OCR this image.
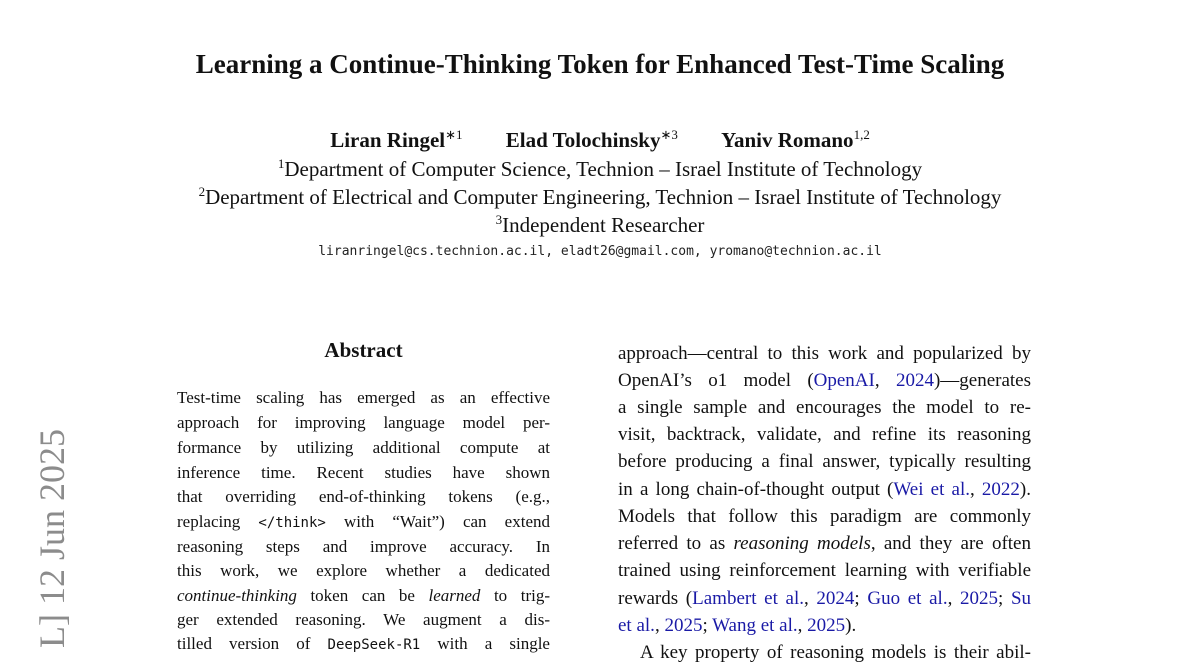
Learning a Continue-Thinking Token for Enhanced Test-Time Scaling
Liran Ringel$^{∗1}$ Elad Tolochinsky$^{∗3}$ Yaniv Romano$^{1,2}$
$^1$Department of Computer Science, Technion – Israel Institute of Technology
$^2$Department of Electrical and Computer Engineering, Technion – Israel Institute of Technology
$^3$Independent Researcher
liranringel@cs.technion.ac.il, eladt26@gmail.com, yromano@technion.ac.il
L] 12 Jun 2025
Abstract
Test-time scaling has emerged as an effective
approach for improving language model per-
formance by utilizing additional compute at
inference time. Recent studies have shown
that overriding end-of-thinking tokens (e.g.,
replacing </think> with “Wait”) can extend
reasoning steps and improve accuracy. In
this work, we explore whether a dedicated
continue-thinking token can be learned to trig-
ger extended reasoning. We augment a dis-
tilled version of DeepSeek-R1 with a single
approach—central to this work and popularized by
OpenAI’s o1 model (OpenAI, 2024)—generates
a single sample and encourages the model to re-
visit, backtrack, validate, and refine its reasoning
before producing a final answer, typically resulting
in a long chain-of-thought output (Wei et al., 2022).
Models that follow this paradigm are commonly
referred to as reasoning models, and they are often
trained using reinforcement learning with verifiable
rewards (Lambert et al., 2024; Guo et al., 2025; Su
et al., 2025; Wang et al., 2025).
A key property of reasoning models is their abil-
